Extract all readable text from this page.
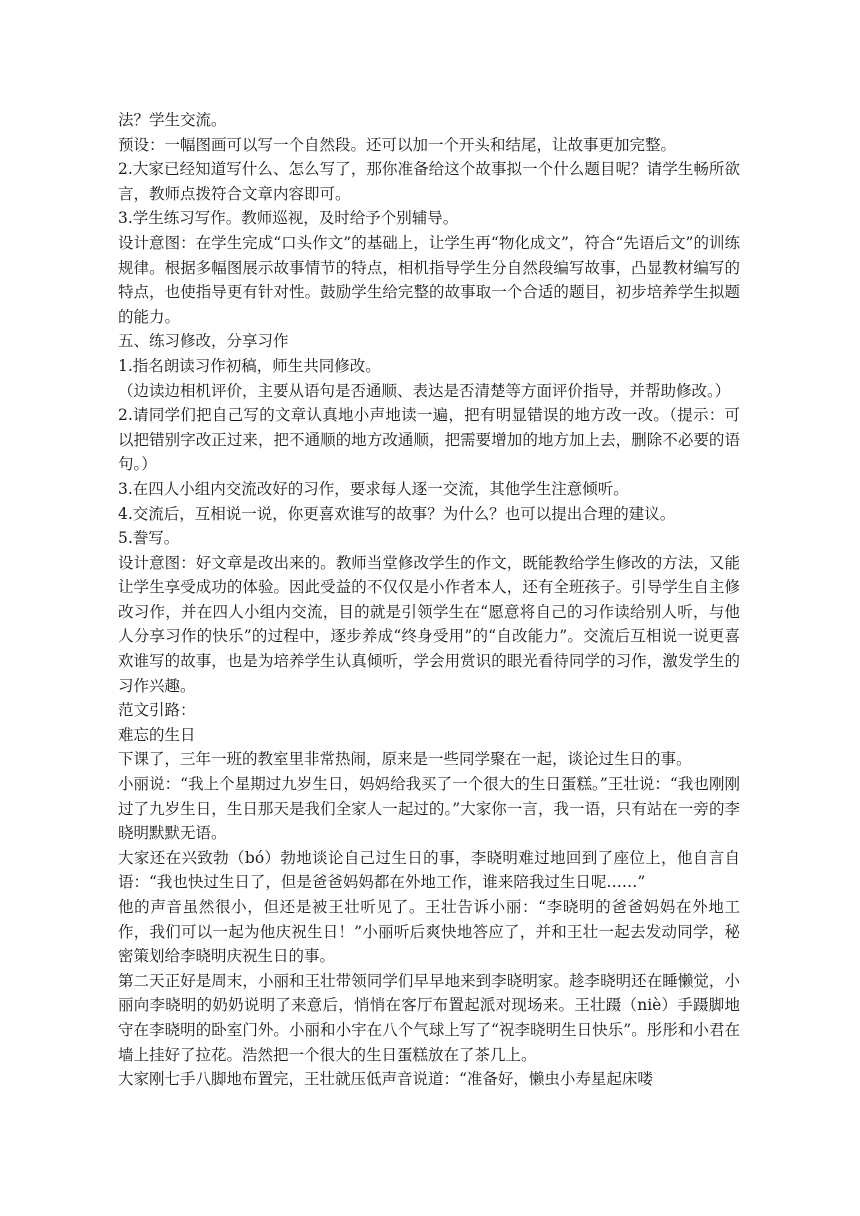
法？学生交流。

预设：一幅图画可以写一个自然段。还可以加一个开头和结尾，让故事更加完整。

2.大家已经知道写什么、怎么写了，那你准备给这个故事拟一个什么题目呢？请学生畅所欲言，教师点拨符合文章内容即可。

3.学生练习写作。教师巡视，及时给予个别辅导。

设计意图：在学生完成“口头作文”的基础上，让学生再“物化成文”，符合“先语后文”的训练规律。根据多幅图展示故事情节的特点，相机指导学生分自然段编写故事，凸显教材编写的特点，也使指导更有针对性。鼓励学生给完整的故事取一个合适的题目，初步培养学生拟题的能力。

五、练习修改，分享习作

1.指名朗读习作初稿，师生共同修改。

（边读边相机评价，主要从语句是否通顺、表达是否清楚等方面评价指导，并帮助修改。）

2.请同学们把自己写的文章认真地小声地读一遍，把有明显错误的地方改一改。（提示：可以把错别字改正过来，把不通顺的地方改通顺，把需要增加的地方加上去，删除不必要的语句。）

3.在四人小组内交流改好的习作，要求每人逐一交流，其他学生注意倾听。

4.交流后，互相说一说，你更喜欢谁写的故事？为什么？也可以提出合理的建议。

5.誊写。

设计意图：好文章是改出来的。教师当堂修改学生的作文，既能教给学生修改的方法，又能让学生享受成功的体验。因此受益的不仅仅是小作者本人，还有全班孩子。引导学生自主修改习作，并在四人小组内交流，目的就是引领学生在“愿意将自己的习作读给别人听，与他人分享习作的快乐”的过程中，逐步养成“终身受用”的“自改能力”。交流后互相说一说更喜欢谁写的故事，也是为培养学生认真倾听，学会用赏识的眼光看待同学的习作，激发学生的习作兴趣。

范文引路：

难忘的生日

下课了，三年一班的教室里非常热闹，原来是一些同学聚在一起，谈论过生日的事。

小丽说：“我上个星期过九岁生日，妈妈给我买了一个很大的生日蛋糕。”王壮说：“我也刚刚过了九岁生日，生日那天是我们全家人一起过的。”大家你一言，我一语，只有站在一旁的李晓明默默无语。

大家还在兴致勃（bó）勃地谈论自己过生日的事，李晓明难过地回到了座位上，他自言自语：“我也快过生日了，但是爸爸妈妈都在外地工作，谁来陪我过生日呢……”

他的声音虽然很小，但还是被王壮听见了。王壮告诉小丽：“李晓明的爸爸妈妈在外地工作，我们可以一起为他庆祝生日！”小丽听后爽快地答应了，并和王壮一起去发动同学，秘密策划给李晓明庆祝生日的事。

第二天正好是周末，小丽和王壮带领同学们早早地来到李晓明家。趁李晓明还在睡懒觉，小丽向李晓明的奶奶说明了来意后，悄悄在客厅布置起派对现场来。王壮蹑（niè）手蹑脚地守在李晓明的卧室门外。小丽和小宇在八个气球上写了“祝李晓明生日快乐”。彤彤和小君在墙上挂好了拉花。浩然把一个很大的生日蛋糕放在了茶几上。

大家刚七手八脚地布置完，王壮就压低声音说道：“准备好，懒虫小寿星起床喽
